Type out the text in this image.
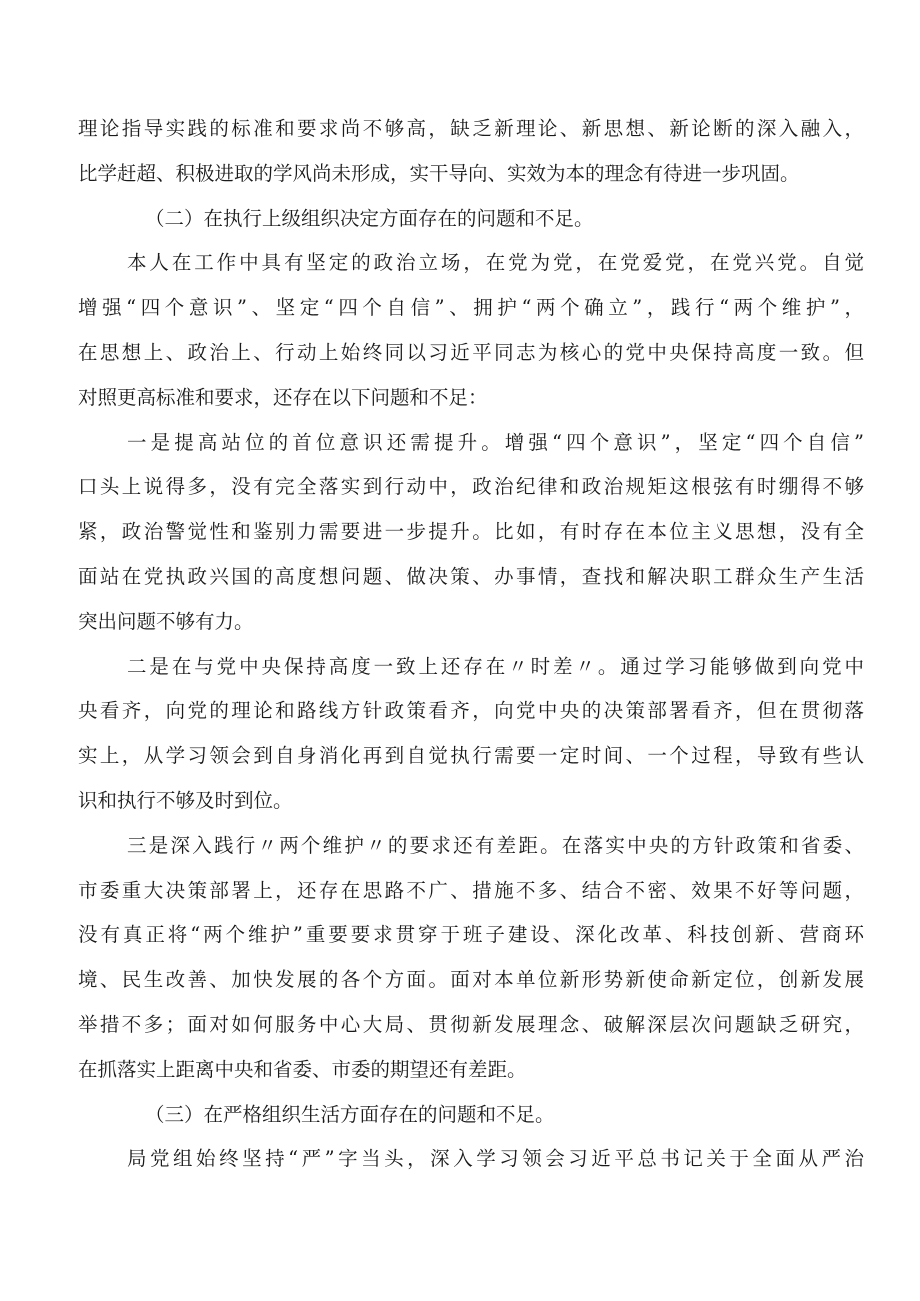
理论指导实践的标准和要求尚不够高，缺乏新理论、新思想、新论断的深入融入，
比学赶超、积极进取的学风尚未形成，实干导向、实效为本的理念有待进一步巩固。
（二）在执行上级组织决定方面存在的问题和不足。
本人在工作中具有坚定的政治立场，在党为党，在党爱党，在党兴党。自觉
增强“四个意识”、坚定“四个自信”、拥护“两个确立”，践行“两个维护”，
在思想上、政治上、行动上始终同以习近平同志为核心的党中央保持高度一致。但
对照更高标准和要求，还存在以下问题和不足：
一是提高站位的首位意识还需提升。增强“四个意识”，坚定“四个自信”
口头上说得多，没有完全落实到行动中，政治纪律和政治规矩这根弦有时绷得不够
紧，政治警觉性和鉴别力需要进一步提升。比如，有时存在本位主义思想，没有全
面站在党执政兴国的高度想问题、做决策、办事情，查找和解决职工群众生产生活
突出问题不够有力。
二是在与党中央保持高度一致上还存在〃时差〃。通过学习能够做到向党中
央看齐，向党的理论和路线方针政策看齐，向党中央的决策部署看齐，但在贯彻落
实上，从学习领会到自身消化再到自觉执行需要一定时间、一个过程，导致有些认
识和执行不够及时到位。
三是深入践行〃两个维护〃的要求还有差距。在落实中央的方针政策和省委、
市委重大决策部署上，还存在思路不广、措施不多、结合不密、效果不好等问题，
没有真正将“两个维护”重要要求贯穿于班子建设、深化改革、科技创新、营商环
境、民生改善、加快发展的各个方面。面对本单位新形势新使命新定位，创新发展
举措不多；面对如何服务中心大局、贯彻新发展理念、破解深层次问题缺乏研究，
在抓落实上距离中央和省委、市委的期望还有差距。
（三）在严格组织生活方面存在的问题和不足。
局党组始终坚持“严”字当头，深入学习领会习近平总书记关于全面从严治
